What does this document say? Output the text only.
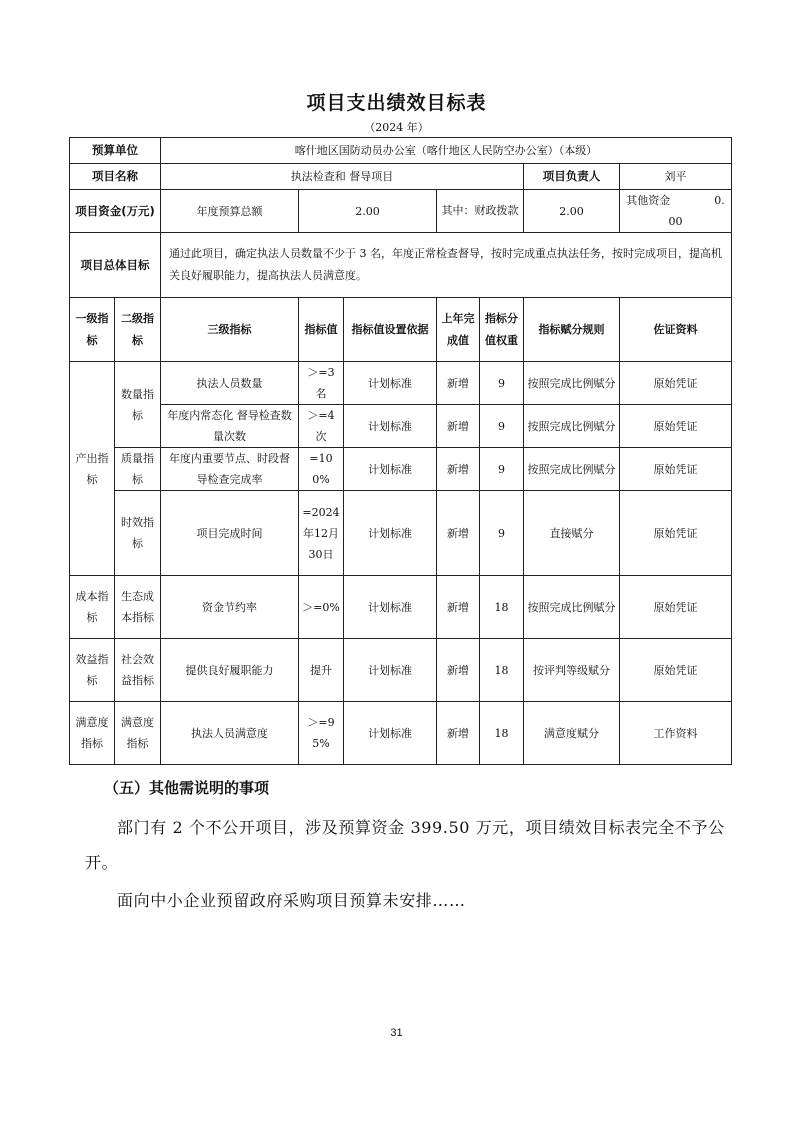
项目支出绩效目标表
（2024 年）
预算单位		喀什地区国防动员办公室（喀什地区人民防空办公室）（本级）						
项目名称		执法检查和 督导项目					项目负责人	刘平
项目资金(万元)		年度预算总额	2.00		其中：财政拨款		2.00	其他资金　　　　 0.00
项目总体目标		通过此项目，确定执法人员数量不少于 3 名，年度正常检查督导，按时完成重点执法任务，按时完成项目，提高机关良好履职能力，提高执法人员满意度。						
一级指标	二级指标	三级指标	指标值	指标值设置依据	上年完成值	指标分值权重	指标赋分规则	佐证资料
产出指标	数量指标	执法人员数量	＞=3名	计划标准	新增	9	按照完成比例赋分	原始凭证
		年度内常态化 督导检查数量次数	＞=4次	计划标准	新增	9	按照完成比例赋分	原始凭证
	质量指标	年度内重要节点、时段督导检查完成率	=100%	计划标准	新增	9	按照完成比例赋分	原始凭证
	时效指标	项目完成时间	=2024年12月30日	计划标准	新增	9	直接赋分	原始凭证
成本指标	生态成本指标	资金节约率	＞=0%	计划标准	新增	18	按照完成比例赋分	原始凭证
效益指标	社会效益指标	提供良好履职能力	提升	计划标准	新增	18	按评判等级赋分	原始凭证
满意度指标	满意度指标	执法人员满意度	＞=95%	计划标准	新增	18	满意度赋分	工作资料
（五）其他需说明的事项
部门有 2 个不公开项目，涉及预算资金 399.50 万元，项目绩效目标表完全不予公开。
面向中小企业预留政府采购项目预算未安排……
31
